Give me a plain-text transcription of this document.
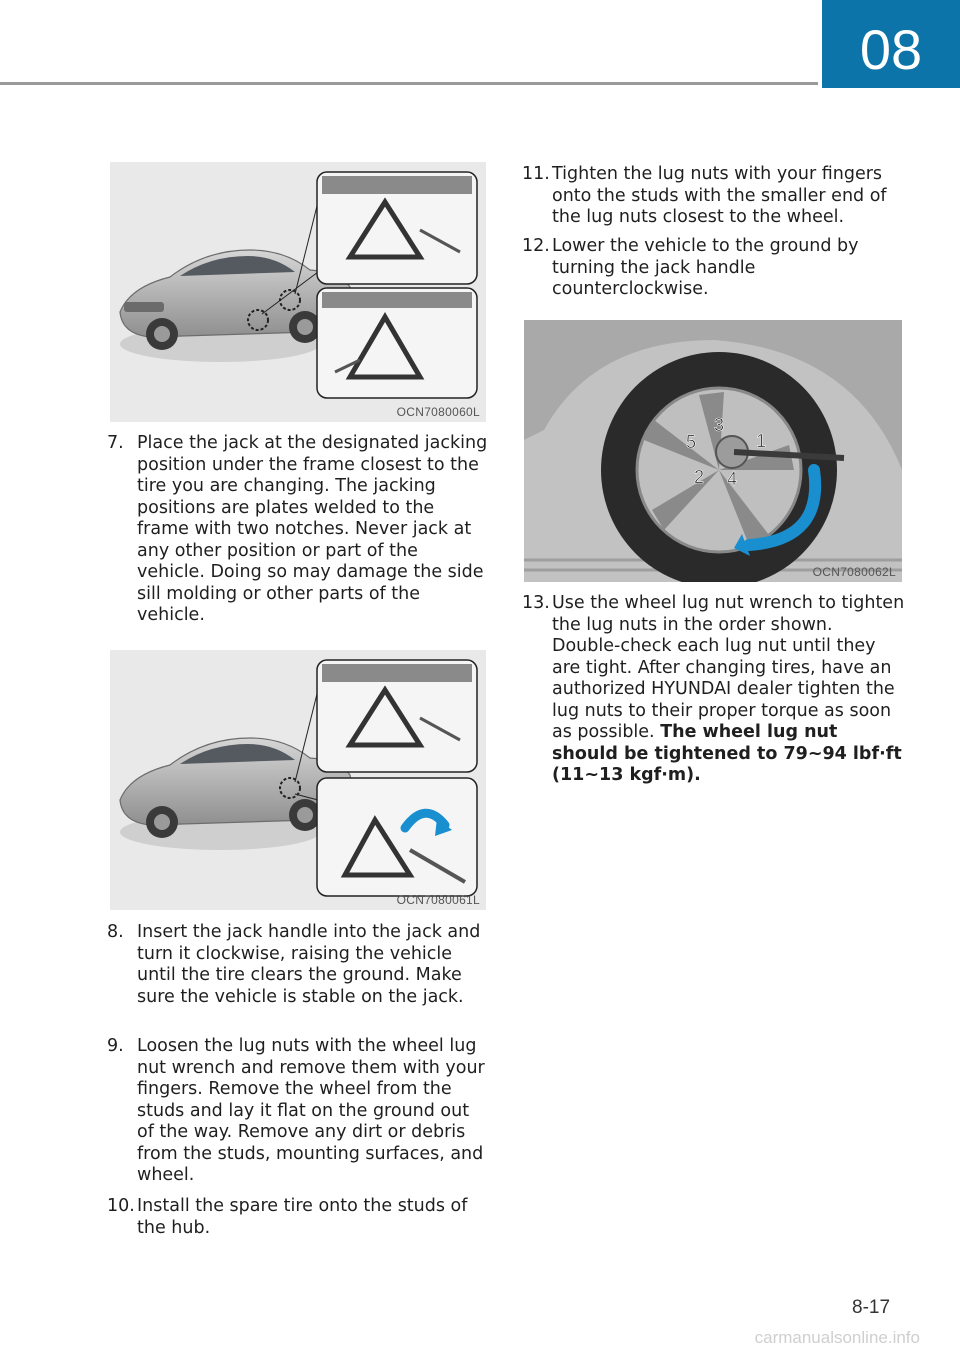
08
OCN7080060L
7. Place the jack at the designated jacking position under the frame closest to the tire you are changing. The jacking positions are plates welded to the frame with two notches. Never jack at any other position or part of the vehicle. Doing so may damage the side sill molding or other parts of the vehicle.
OCN7080061L
8. Insert the jack handle into the jack and turn it clockwise, raising the vehicle until the tire clears the ground. Make sure the vehicle is stable on the jack.
9. Loosen the lug nuts with the wheel lug nut wrench and remove them with your fingers. Remove the wheel from the studs and lay it flat on the ground out of the way. Remove any dirt or debris from the studs, mounting surfaces, and wheel.
10. Install the spare tire onto the studs of the hub.
11. Tighten the lug nuts with your fingers onto the studs with the smaller end of the lug nuts closest to the wheel.
12. Lower the vehicle to the ground by turning the jack handle counterclockwise.
1
2
3
4
5
OCN7080062L
13. Use the wheel lug nut wrench to tighten the lug nuts in the order shown. Double-check each lug nut until they are tight. After changing tires, have an authorized HYUNDAI dealer tighten the lug nuts to their proper torque as soon as possible. The wheel lug nut should be tightened to 79~94 lbf·ft (11~13 kgf·m).
8-17
carmanualsonline.info
